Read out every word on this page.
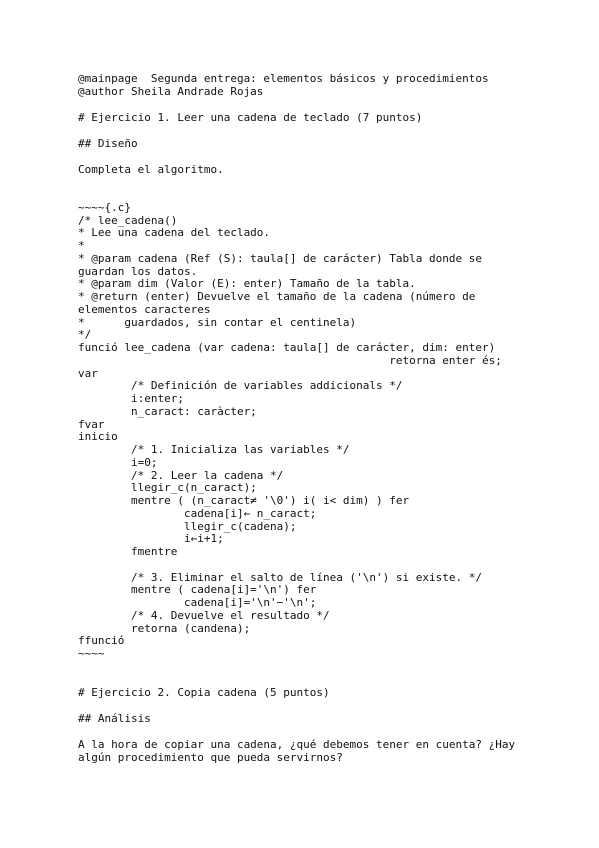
@mainpage  Segunda entrega: elementos básicos y procedimientos

@author Sheila Andrade Rojas

# Ejercicio 1. Leer una cadena de teclado (7 puntos)

## Diseño

Completa el algoritmo.

~~~~{.c}

/* lee_cadena()

* Lee una cadena del teclado.

*

* @param cadena (Ref (S): taula[] de carácter) Tabla donde se

guardan los datos.

* @param dim (Valor (E): enter) Tamaño de la tabla.

* @return (enter) Devuelve el tamaño de la cadena (número de

elementos caracteres

*      guardados, sin contar el centinela)

*/

funció lee_cadena (var cadena: taula[] de carácter, dim: enter)

retorna enter és;

var

/* Definición de variables addicionals */

i:enter;

n_caract: caràcter;

fvar

inicio

/* 1. Inicializa las variables */

i=0;

/* 2. Leer la cadena */

llegir_c(n_caract);

mentre ( (n_caract≠ '\0') i( i< dim) ) fer

cadena[i]← n_caract;

llegir_c(cadena);

i←i+1;

fmentre

/* 3. Eliminar el salto de línea ('\n') si existe. */

mentre ( cadena[i]='\n') fer

cadena[i]='\n'−'\n';

/* 4. Devuelve el resultado */

retorna (candena);

ffunció

~~~~

# Ejercicio 2. Copia cadena (5 puntos)

## Análisis

A la hora de copiar una cadena, ¿qué debemos tener en cuenta? ¿Hay

algún procedimiento que pueda servirnos?
